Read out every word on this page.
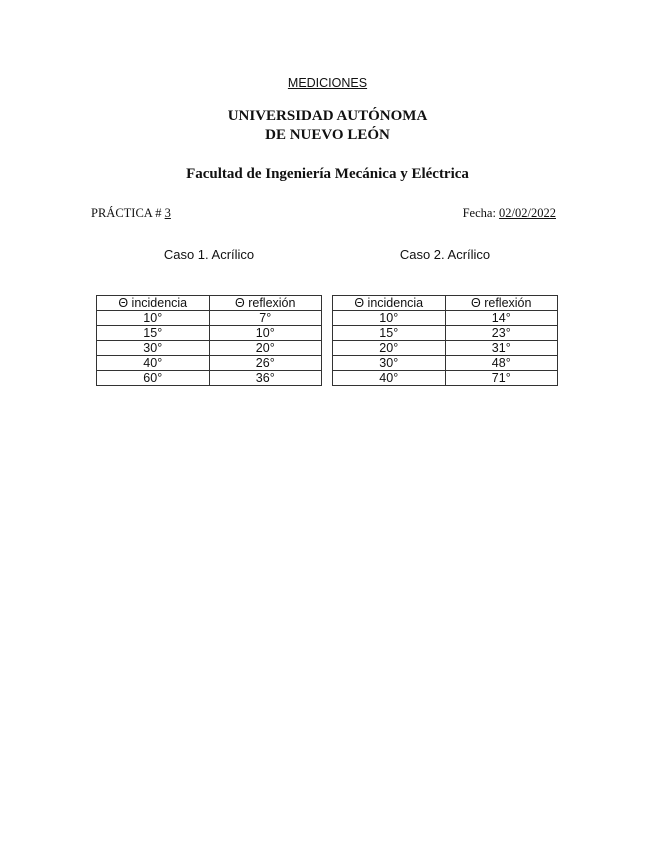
MEDICIONES
UNIVERSIDAD AUTÓNOMA
DE NUEVO LEÓN
Facultad de Ingeniería Mecánica y Eléctrica
PRÁCTICA # 3	Fecha: 02/02/2022
Caso 1. Acrílico	Caso 2. Acrílico
Θ incidencia	Θ reflexión
10°	7°
15°	10°
30°	20°
40°	26°
60°	36°
Θ incidencia	Θ reflexión
10°	14°
15°	23°
20°	31°
30°	48°
40°	71°
